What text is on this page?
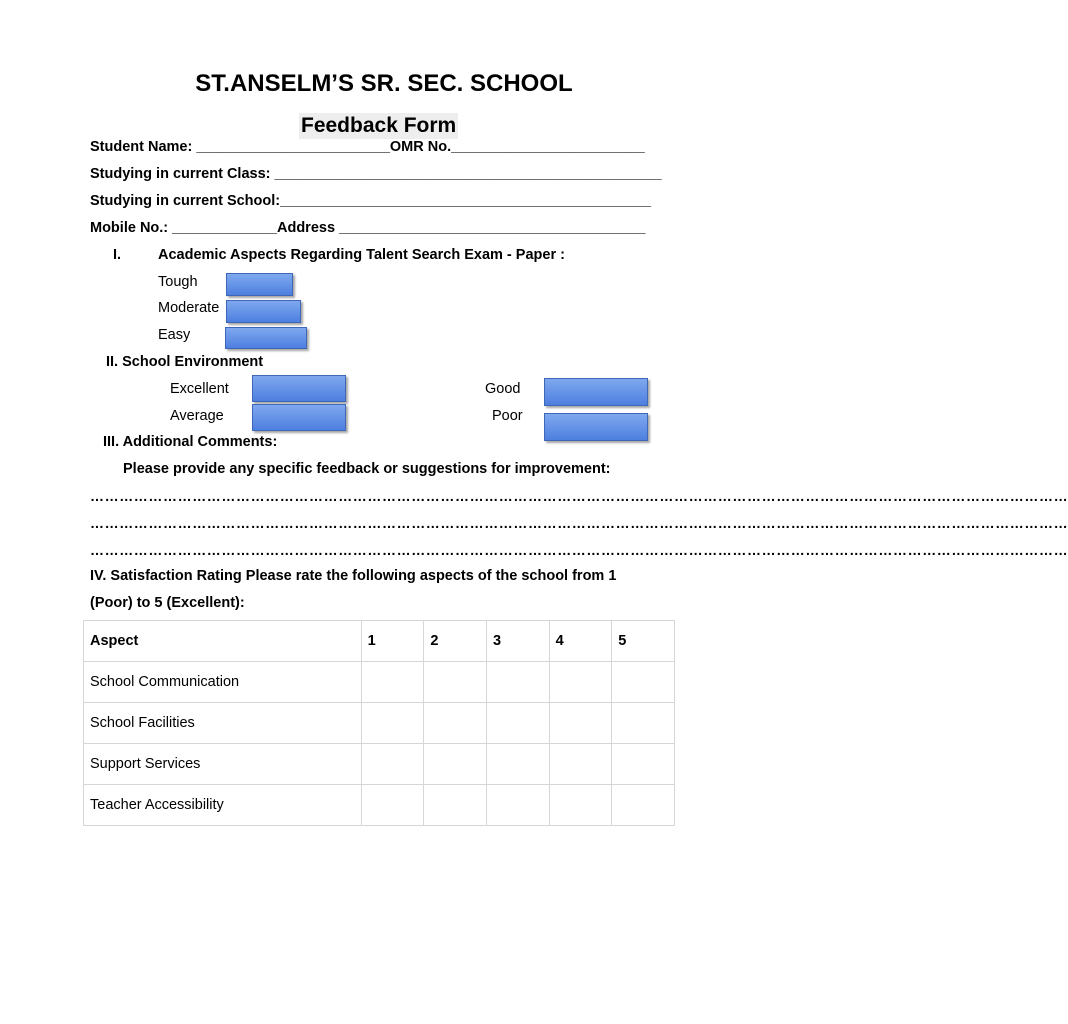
ST.ANSELM’S SR. SEC. SCHOOL
Feedback Form
Student Name: ________________________OMR No.________________________
Studying in current Class: ________________________________________________
Studying in current School:______________________________________________
Mobile No.: _____________Address ______________________________________
I.	Academic Aspects Regarding Talent Search Exam - Paper :
Tough
Moderate
Easy
II. School Environment
Excellent
Average
Good
Poor
III. Additional Comments:
Please provide any specific feedback or suggestions for improvement:
…………………………………………………………………………………………………………………………………………………………………………………
…………………………………………………………………………………………………………………………………………………………………………………
…………………………………………………………………………………………………………………………………………………………………………………
IV. Satisfaction Rating Please rate the following aspects of the school from 1
(Poor) to 5 (Excellent):
Aspect	1	2	3	4	5
School Communication					
School Facilities					
Support Services					
Teacher Accessibility					
